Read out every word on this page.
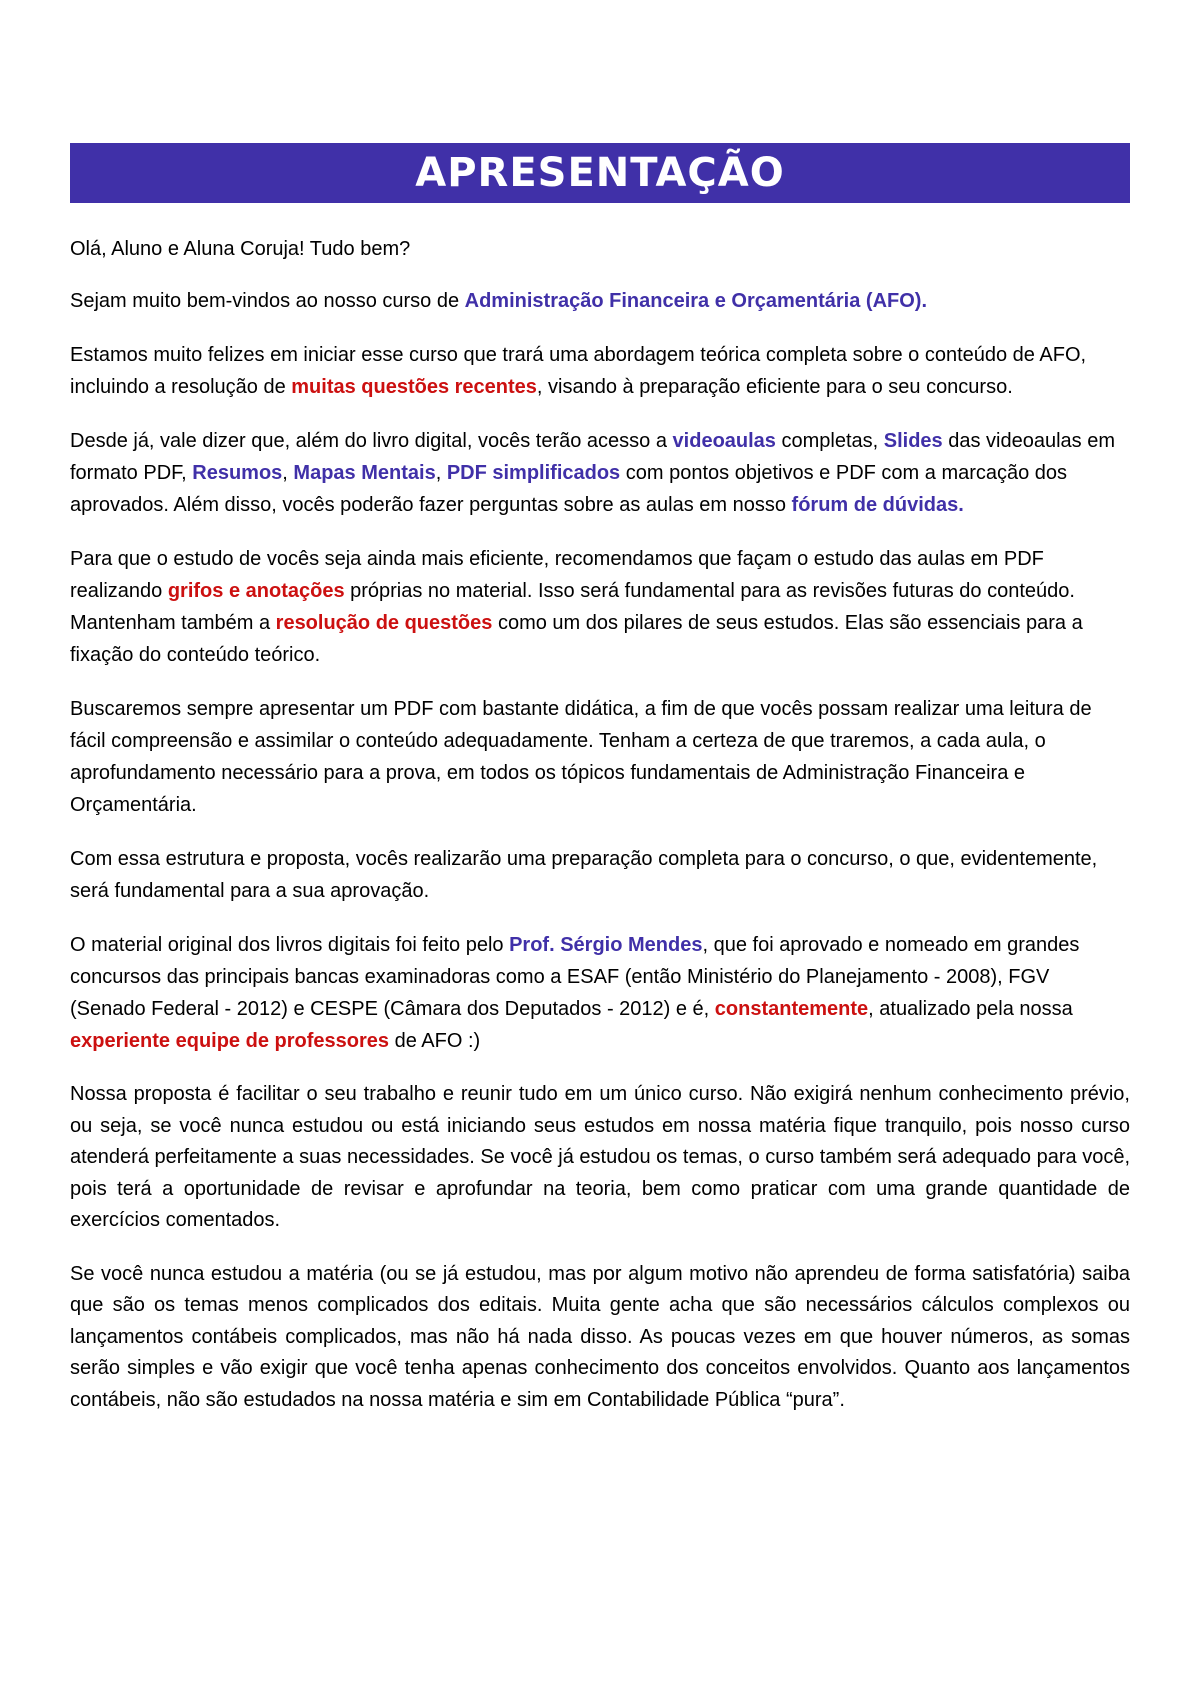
APRESENTAÇÃO

Olá, Aluno e Aluna Coruja! Tudo bem?

Sejam muito bem-vindos ao nosso curso de Administração Financeira e Orçamentária (AFO).

Estamos muito felizes em iniciar esse curso que trará uma abordagem teórica completa sobre o conteúdo de AFO, incluindo a resolução de muitas questões recentes, visando à preparação eficiente para o seu concurso.

Desde já, vale dizer que, além do livro digital, vocês terão acesso a videoaulas completas, Slides das videoaulas em formato PDF, Resumos, Mapas Mentais, PDF simplificados com pontos objetivos e PDF com a marcação dos aprovados. Além disso, vocês poderão fazer perguntas sobre as aulas em nosso fórum de dúvidas.

Para que o estudo de vocês seja ainda mais eficiente, recomendamos que façam o estudo das aulas em PDF realizando grifos e anotações próprias no material. Isso será fundamental para as revisões futuras do conteúdo. Mantenham também a resolução de questões como um dos pilares de seus estudos. Elas são essenciais para a fixação do conteúdo teórico.

Buscaremos sempre apresentar um PDF com bastante didática, a fim de que vocês possam realizar uma leitura de fácil compreensão e assimilar o conteúdo adequadamente. Tenham a certeza de que traremos, a cada aula, o aprofundamento necessário para a prova, em todos os tópicos fundamentais de Administração Financeira e Orçamentária.

Com essa estrutura e proposta, vocês realizarão uma preparação completa para o concurso, o que, evidentemente, será fundamental para a sua aprovação.

O material original dos livros digitais foi feito pelo Prof. Sérgio Mendes, que foi aprovado e nomeado em grandes concursos das principais bancas examinadoras como a ESAF (então Ministério do Planejamento - 2008), FGV (Senado Federal - 2012) e CESPE (Câmara dos Deputados - 2012) e é, constantemente, atualizado pela nossa experiente equipe de professores de AFO :)

Nossa proposta é facilitar o seu trabalho e reunir tudo em um único curso. Não exigirá nenhum conhecimento prévio, ou seja, se você nunca estudou ou está iniciando seus estudos em nossa matéria fique tranquilo, pois nosso curso atenderá perfeitamente a suas necessidades. Se você já estudou os temas, o curso também será adequado para você, pois terá a oportunidade de revisar e aprofundar na teoria, bem como praticar com uma grande quantidade de exercícios comentados.

Se você nunca estudou a matéria (ou se já estudou, mas por algum motivo não aprendeu de forma satisfatória) saiba que são os temas menos complicados dos editais. Muita gente acha que são necessários cálculos complexos ou lançamentos contábeis complicados, mas não há nada disso. As poucas vezes em que houver números, as somas serão simples e vão exigir que você tenha apenas conhecimento dos conceitos envolvidos. Quanto aos lançamentos contábeis, não são estudados na nossa matéria e sim em Contabilidade Pública “pura”.
